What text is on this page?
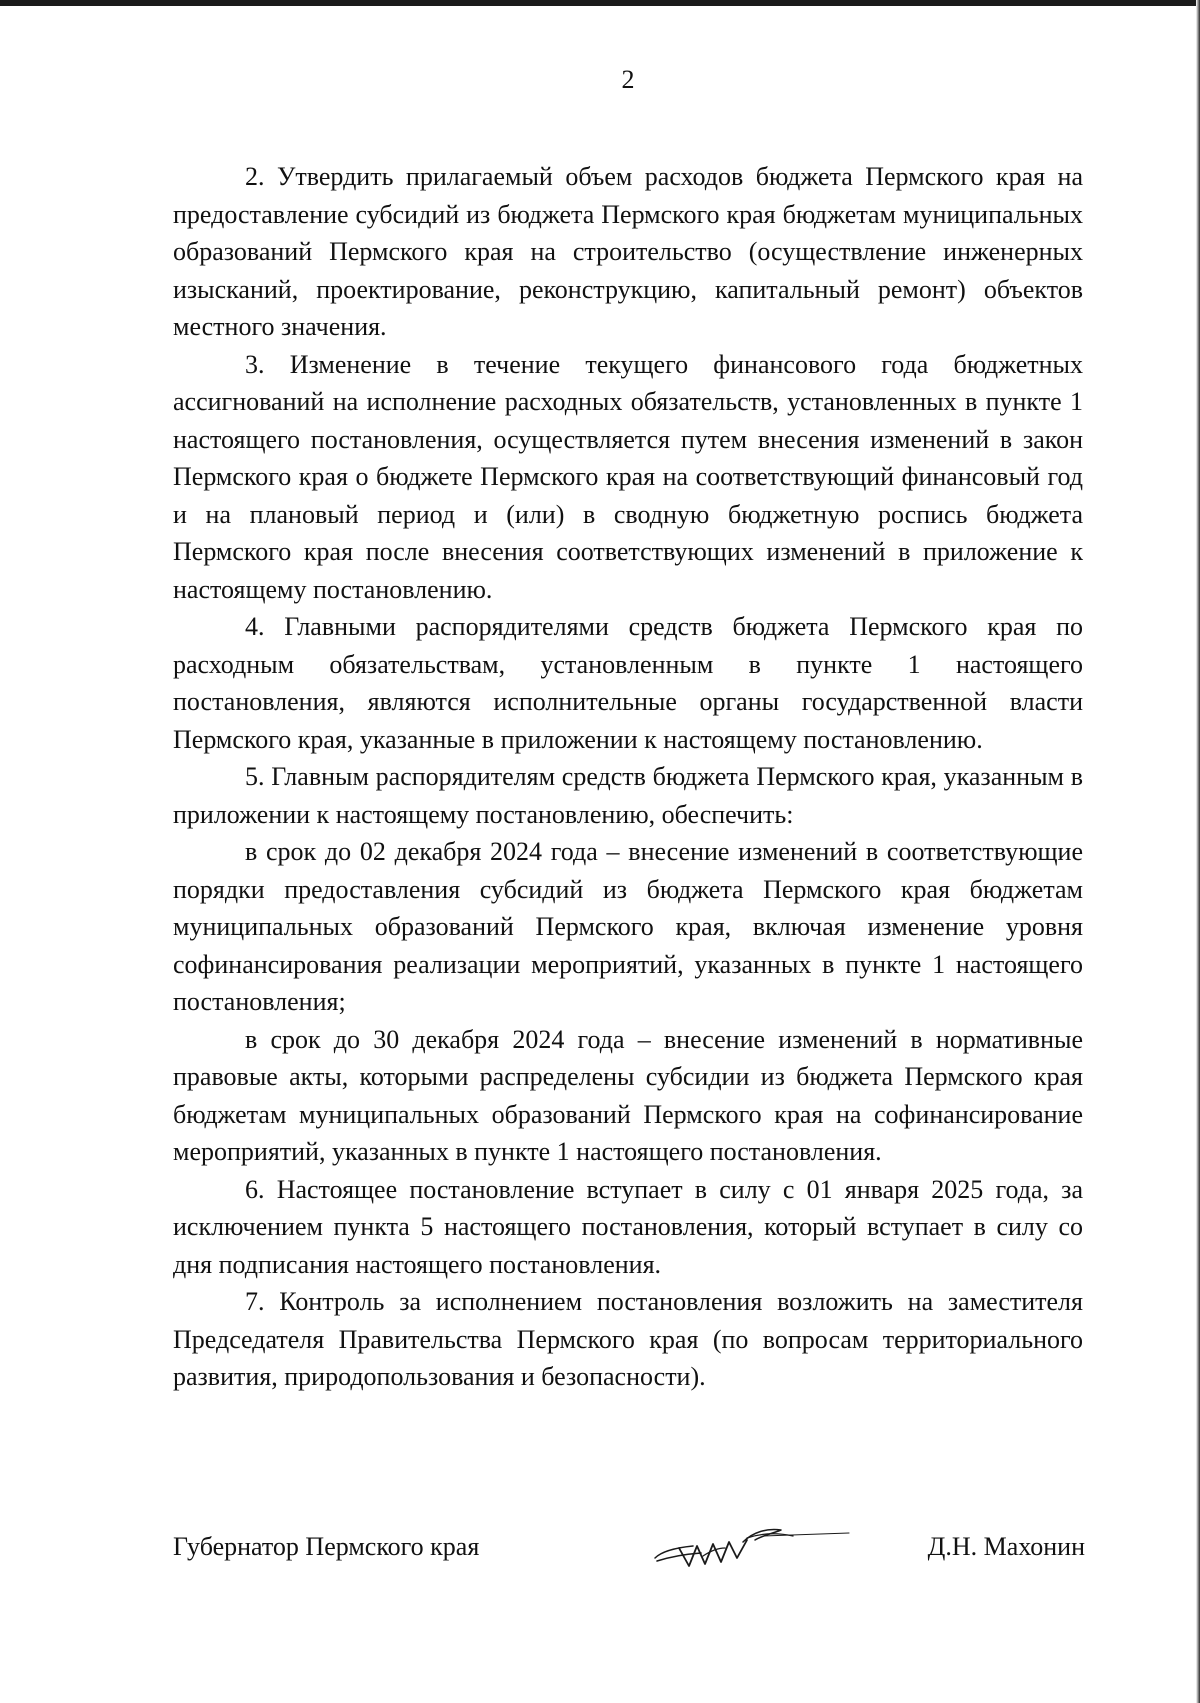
2

2. Утвердить прилагаемый объем расходов бюджета Пермского края на предоставление субсидий из бюджета Пермского края бюджетам муниципальных образований Пермского края на строительство (осуществление инженерных изысканий, проектирование, реконструкцию, капитальный ремонт) объектов местного значения.

3. Изменение в течение текущего финансового года бюджетных ассигнований на исполнение расходных обязательств, установленных в пункте 1 настоящего постановления, осуществляется путем внесения изменений в закон Пермского края о бюджете Пермского края на соответствующий финансовый год и на плановый период и (или) в сводную бюджетную роспись бюджета Пермского края после внесения соответствующих изменений в приложение к настоящему постановлению.

4. Главными распорядителями средств бюджета Пермского края по расходным обязательствам, установленным в пункте 1 настоящего постановления, являются исполнительные органы государственной власти Пермского края, указанные в приложении к настоящему постановлению.

5. Главным распорядителям средств бюджета Пермского края, указанным в приложении к настоящему постановлению, обеспечить:

в срок до 02 декабря 2024 года – внесение изменений в соответствующие порядки предоставления субсидий из бюджета Пермского края бюджетам муниципальных образований Пермского края, включая изменение уровня софинансирования реализации мероприятий, указанных в пункте 1 настоящего постановления;

в срок до 30 декабря 2024 года – внесение изменений в нормативные правовые акты, которыми распределены субсидии из бюджета Пермского края бюджетам муниципальных образований Пермского края на софинансирование мероприятий, указанных в пункте 1 настоящего постановления.

6. Настоящее постановление вступает в силу с 01 января 2025 года, за исключением пункта 5 настоящего постановления, который вступает в силу со дня подписания настоящего постановления.

7. Контроль за исполнением постановления возложить на заместителя Председателя Правительства Пермского края (по вопросам территориального развития, природопользования и безопасности).

Губернатор Пермского края	Д.Н. Махонин
